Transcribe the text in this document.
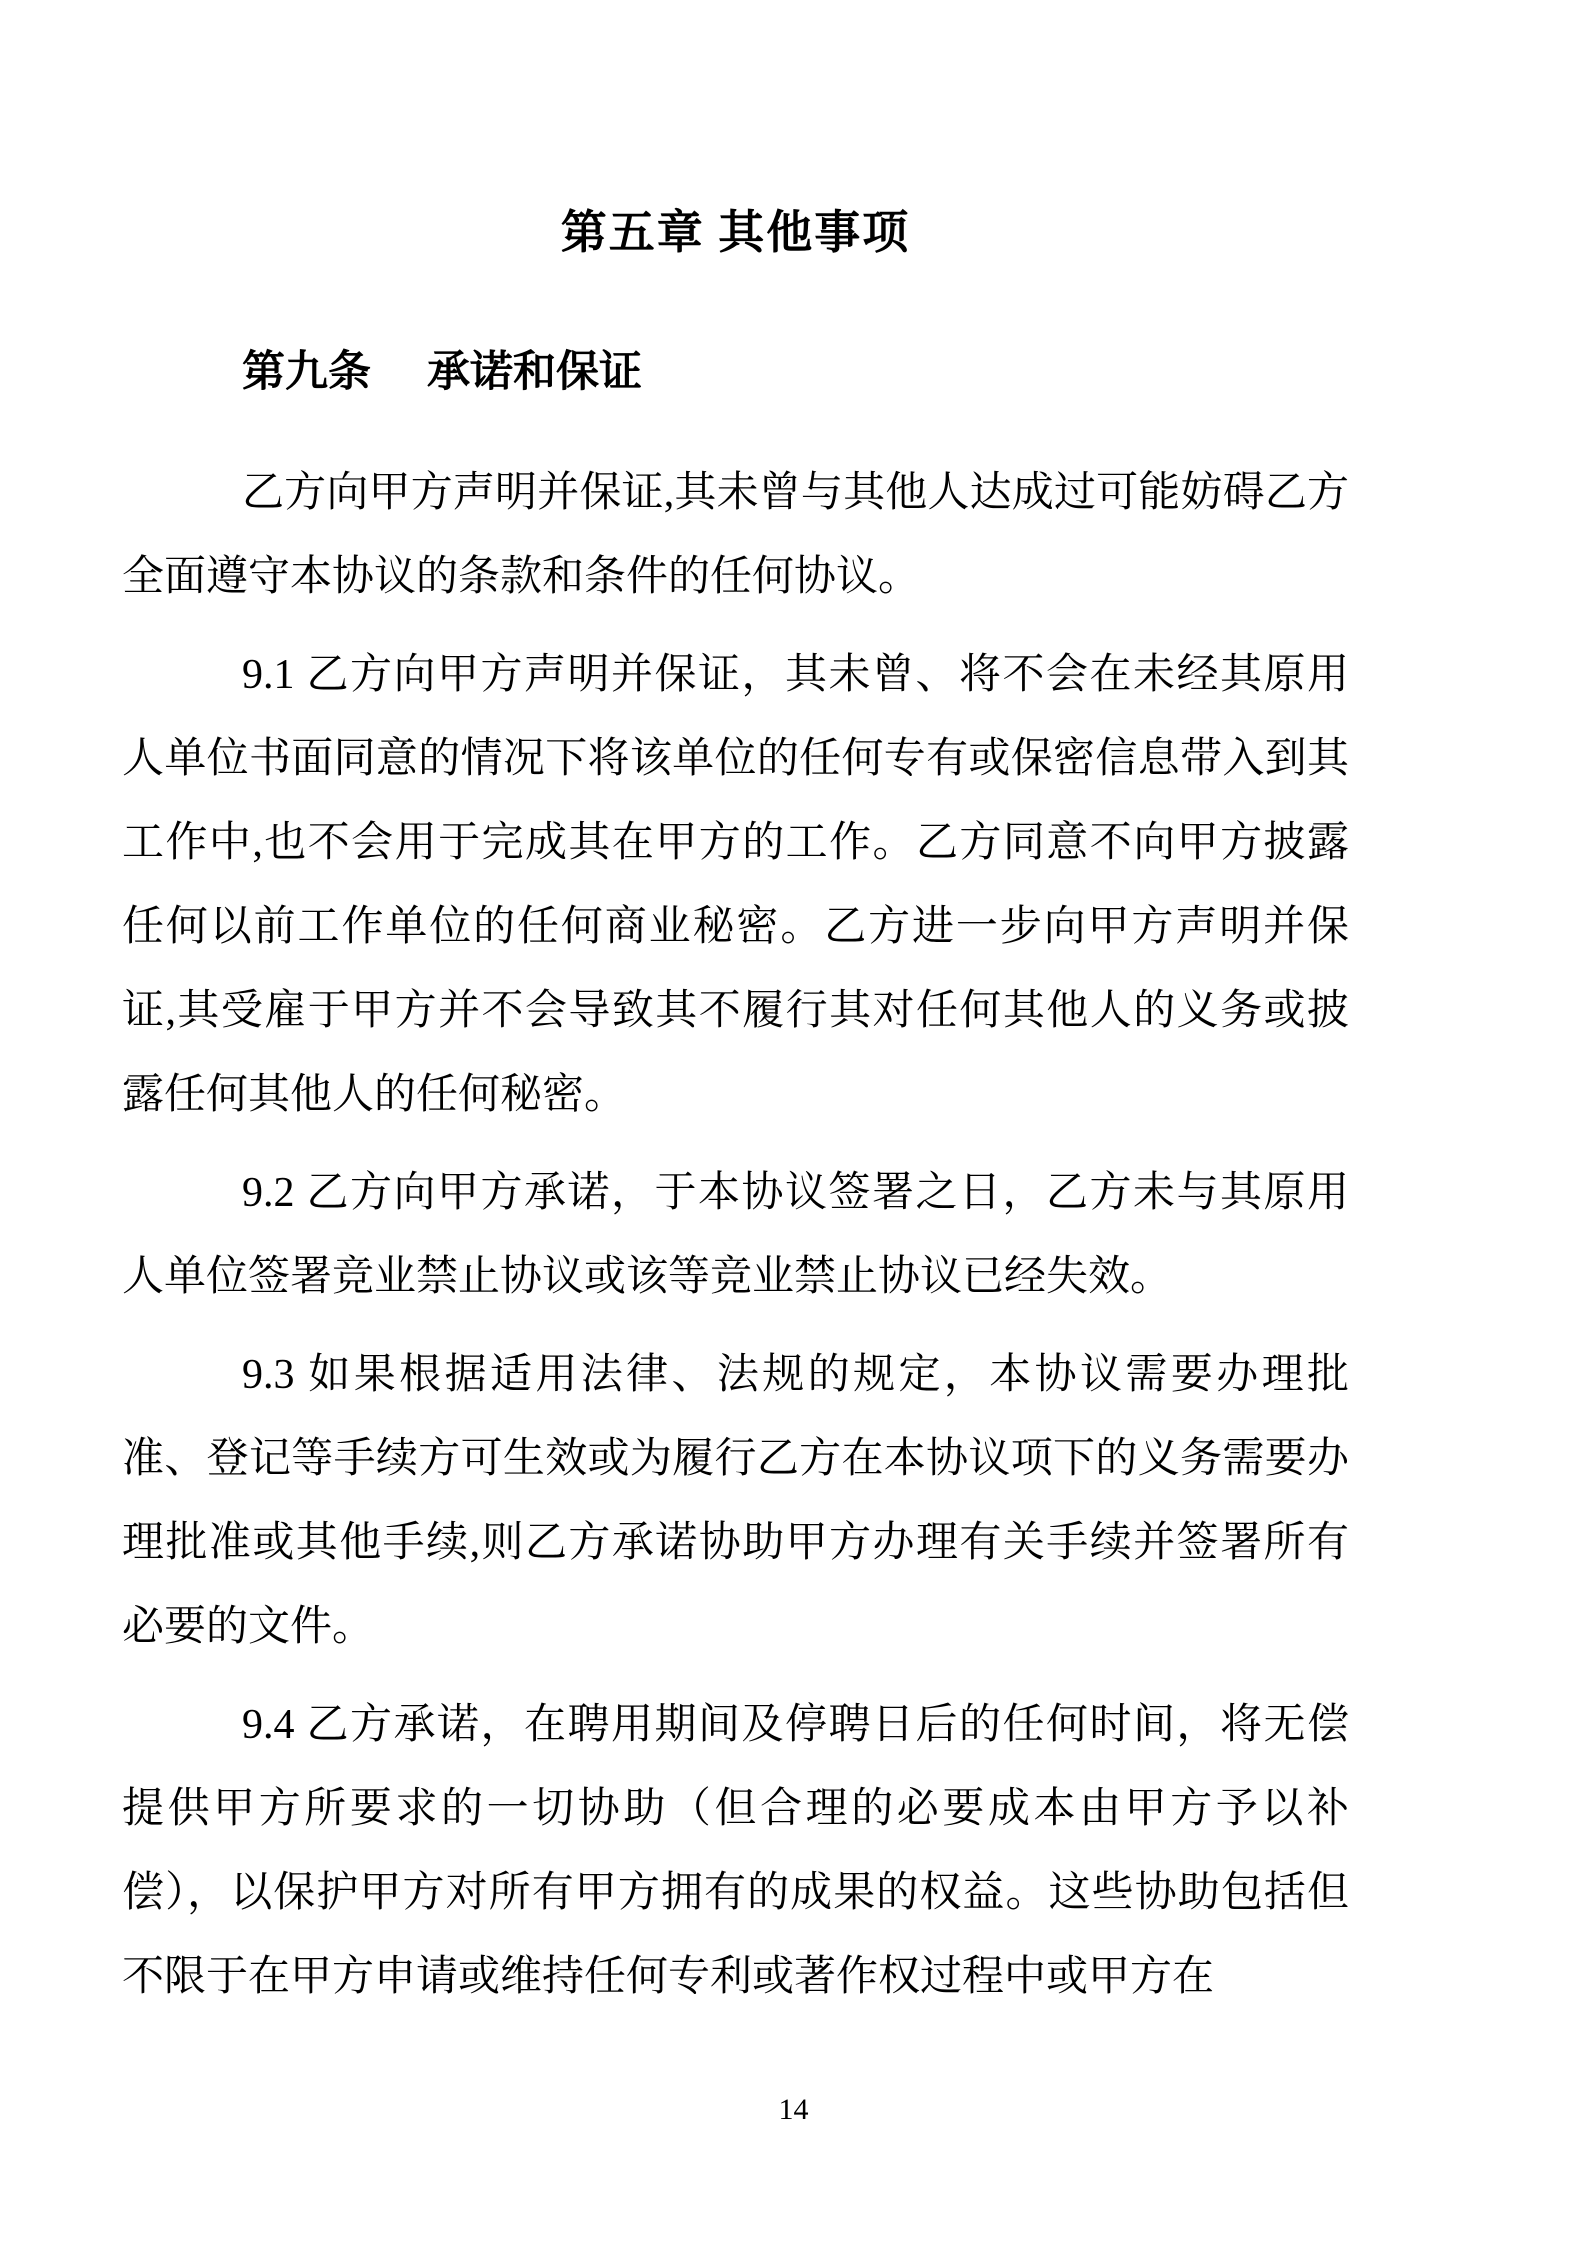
第五章 其他事项
第九条 承诺和保证

乙方向甲方声明并保证,其未曾与其他人达成过可能妨碍乙方全面遵守本协议的条款和条件的任何协议。

9.1 乙方向甲方声明并保证，其未曾、将不会在未经其原用人单位书面同意的情况下将该单位的任何专有或保密信息带入到其工作中,也不会用于完成其在甲方的工作。乙方同意不向甲方披露任何以前工作单位的任何商业秘密。乙方进一步向甲方声明并保证,其受雇于甲方并不会导致其不履行其对任何其他人的义务或披露任何其他人的任何秘密。

9.2 乙方向甲方承诺，于本协议签署之日，乙方未与其原用人单位签署竞业禁止协议或该等竞业禁止协议已经失效。

9.3 如果根据适用法律、法规的规定，本协议需要办理批准、登记等手续方可生效或为履行乙方在本协议项下的义务需要办理批准或其他手续,则乙方承诺协助甲方办理有关手续并签署所有必要的文件。

9.4 乙方承诺，在聘用期间及停聘日后的任何时间，将无偿提供甲方所要求的一切协助（但合理的必要成本由甲方予以补偿），以保护甲方对所有甲方拥有的成果的权益。这些协助包括但不限于在甲方申请或维持任何专利或著作权过程中或甲方在

14
